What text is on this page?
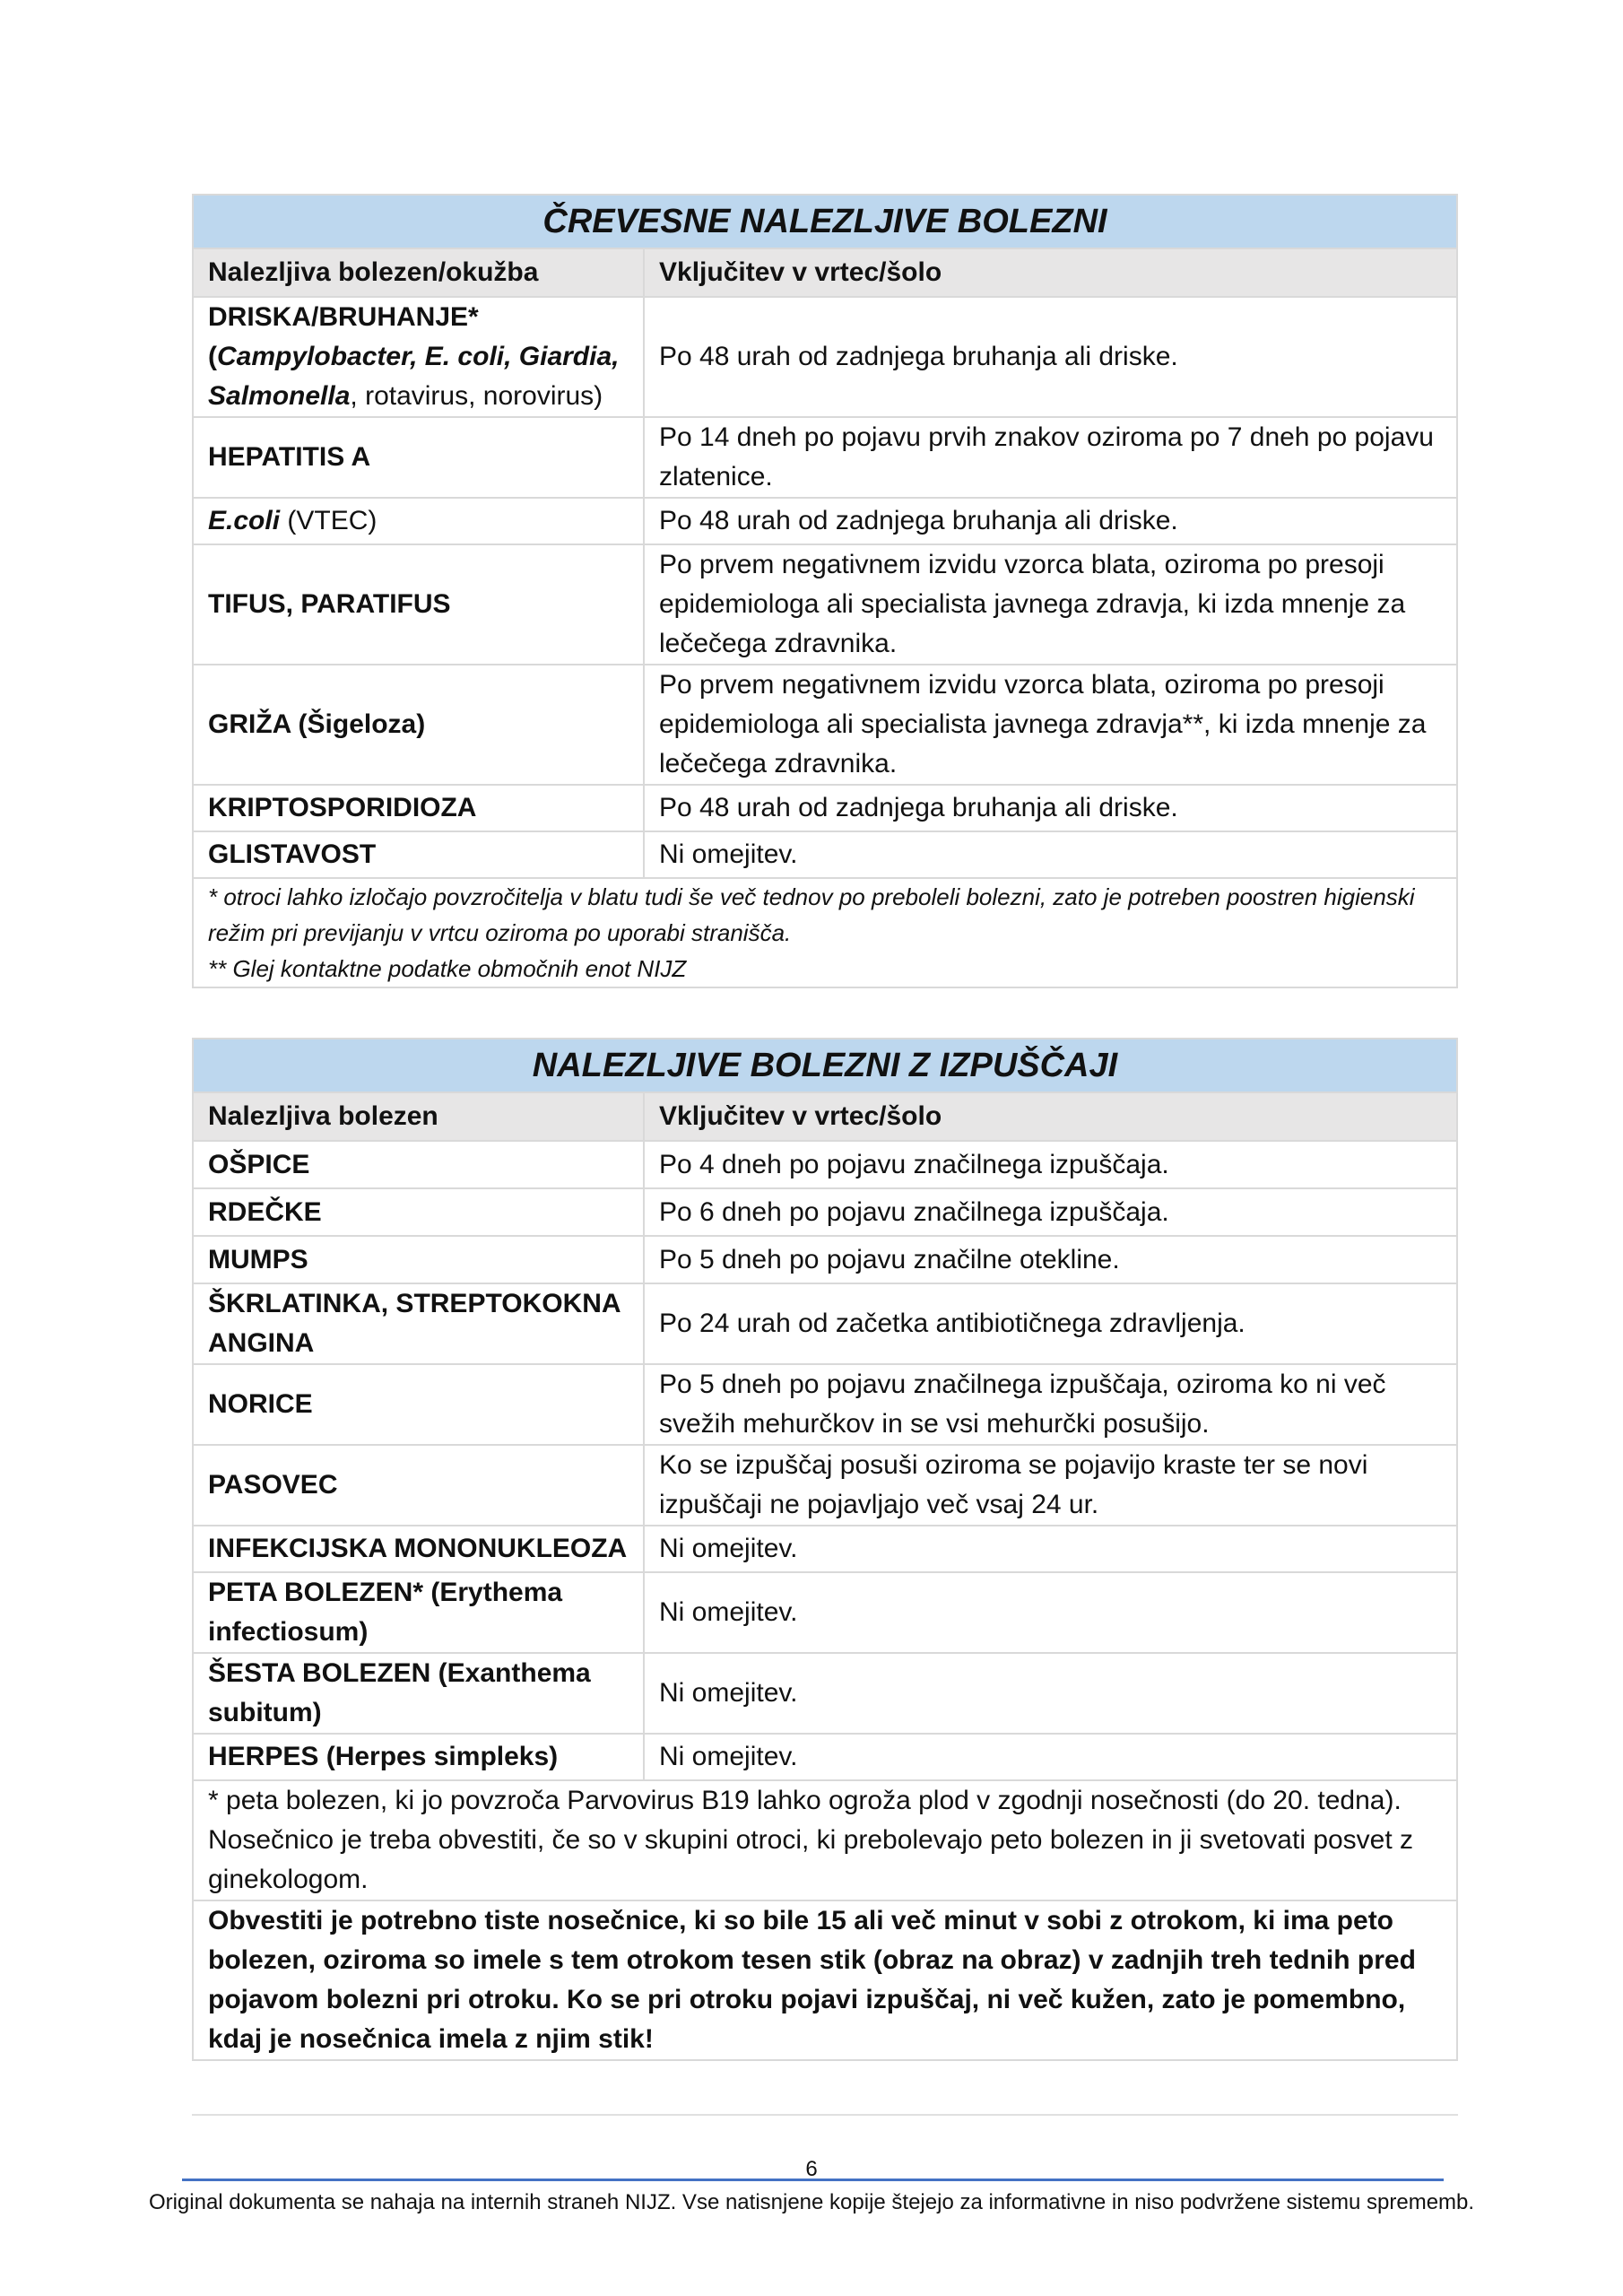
ČREVESNE NALEZLJIVE BOLEZNI	
Nalezljiva bolezen/okužba	Vključitev v vrtec/šolo
DRISKA/BRUHANJE*
(Campylobacter, E. coli, Giardia, Salmonella, rotavirus, norovirus)	Po 48 urah od zadnjega bruhanja ali driske.
HEPATITIS A	Po 14 dneh po pojavu prvih znakov oziroma po 7 dneh po pojavu zlatenice.
E.coli (VTEC)	Po 48 urah od zadnjega bruhanja ali driske.
TIFUS, PARATIFUS	Po prvem negativnem izvidu vzorca blata, oziroma po presoji epidemiologa ali specialista javnega zdravja, ki izda mnenje za lečečega zdravnika.
GRIŽA (Šigeloza)	Po prvem negativnem izvidu vzorca blata, oziroma po presoji epidemiologa ali specialista javnega zdravja**, ki izda mnenje za lečečega zdravnika.
KRIPTOSPORIDIOZA	Po 48 urah od zadnjega bruhanja ali driske.
GLISTAVOST	Ni omejitev.
* otroci lahko izločajo povzročitelja v blatu tudi še več tednov po preboleli bolezni, zato je potreben poostren higienski režim pri previjanju v vrtcu oziroma po uporabi stranišča.
** Glej kontaktne podatke območnih enot NIJZ	
NALEZLJIVE BOLEZNI Z IZPUŠČAJI	
Nalezljiva bolezen	Vključitev v vrtec/šolo
OŠPICE	Po 4 dneh po pojavu značilnega izpuščaja.
RDEČKE	Po 6 dneh po pojavu značilnega izpuščaja.
MUMPS	Po 5 dneh po pojavu značilne otekline.
ŠKRLATINKA, STREPTOKOKNA ANGINA	Po 24 urah od začetka antibiotičnega zdravljenja.
NORICE	Po 5 dneh po pojavu značilnega izpuščaja, oziroma ko ni več svežih mehurčkov in se vsi mehurčki posušijo.
PASOVEC	Ko se izpuščaj posuši oziroma se pojavijo kraste ter se novi izpuščaji ne pojavljajo več vsaj 24 ur.
INFEKCIJSKA MONONUKLEOZA	Ni omejitev.
PETA BOLEZEN* (Erythema infectiosum)	Ni omejitev.
ŠESTA BOLEZEN (Exanthema subitum)	Ni omejitev.
HERPES (Herpes simpleks)	Ni omejitev.
* peta bolezen, ki jo povzroča Parvovirus B19 lahko ogroža plod v zgodnji nosečnosti (do 20. tedna). Nosečnico je treba obvestiti, če so v skupini otroci, ki prebolevajo peto bolezen in ji svetovati posvet z ginekologom.	
Obvestiti je potrebno tiste nosečnice, ki so bile 15 ali več minut v sobi z otrokom, ki ima peto bolezen, oziroma so imele s tem otrokom tesen stik (obraz na obraz) v zadnjih treh tednih pred pojavom bolezni pri otroku. Ko se pri otroku pojavi izpuščaj, ni več kužen, zato je pomembno, kdaj je nosečnica imela z njim stik!	
6
Original dokumenta se nahaja na internih straneh NIJZ. Vse natisnjene kopije štejejo za informativne in niso podvržene sistemu sprememb.
